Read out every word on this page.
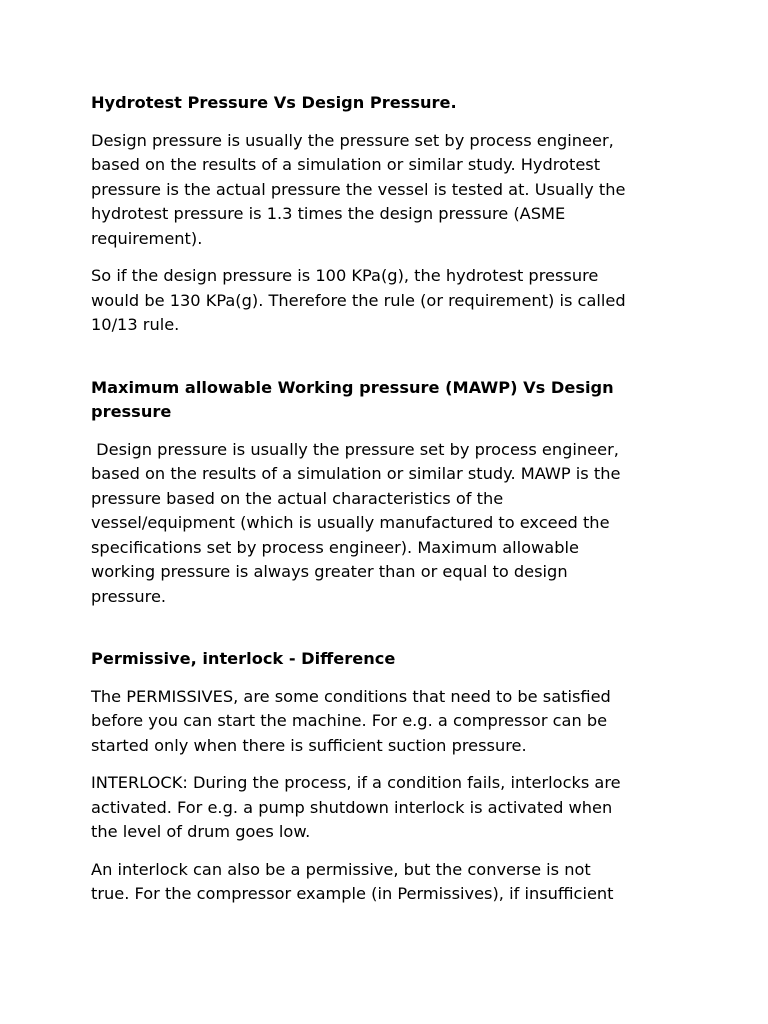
Hydrotest Pressure Vs Design Pressure.
Design pressure is usually the pressure set by process engineer,
based on the results of a simulation or similar study. Hydrotest
pressure is the actual pressure the vessel is tested at. Usually the
hydrotest pressure is 1.3 times the design pressure (ASME
requirement).
So if the design pressure is 100 KPa(g), the hydrotest pressure
would be 130 KPa(g). Therefore the rule (or requirement) is called
10/13 rule.
Maximum allowable Working pressure (MAWP) Vs Design
pressure
Design pressure is usually the pressure set by process engineer,
based on the results of a simulation or similar study. MAWP is the
pressure based on the actual characteristics of the
vessel/equipment (which is usually manufactured to exceed the
specifications set by process engineer). Maximum allowable
working pressure is always greater than or equal to design
pressure.
Permissive, interlock - Difference
The PERMISSIVES, are some conditions that need to be satisfied
before you can start the machine. For e.g. a compressor can be
started only when there is sufficient suction pressure.
INTERLOCK: During the process, if a condition fails, interlocks are
activated. For e.g. a pump shutdown interlock is activated when
the level of drum goes low.
An interlock can also be a permissive, but the converse is not
true. For the compressor example (in Permissives), if insufficient
